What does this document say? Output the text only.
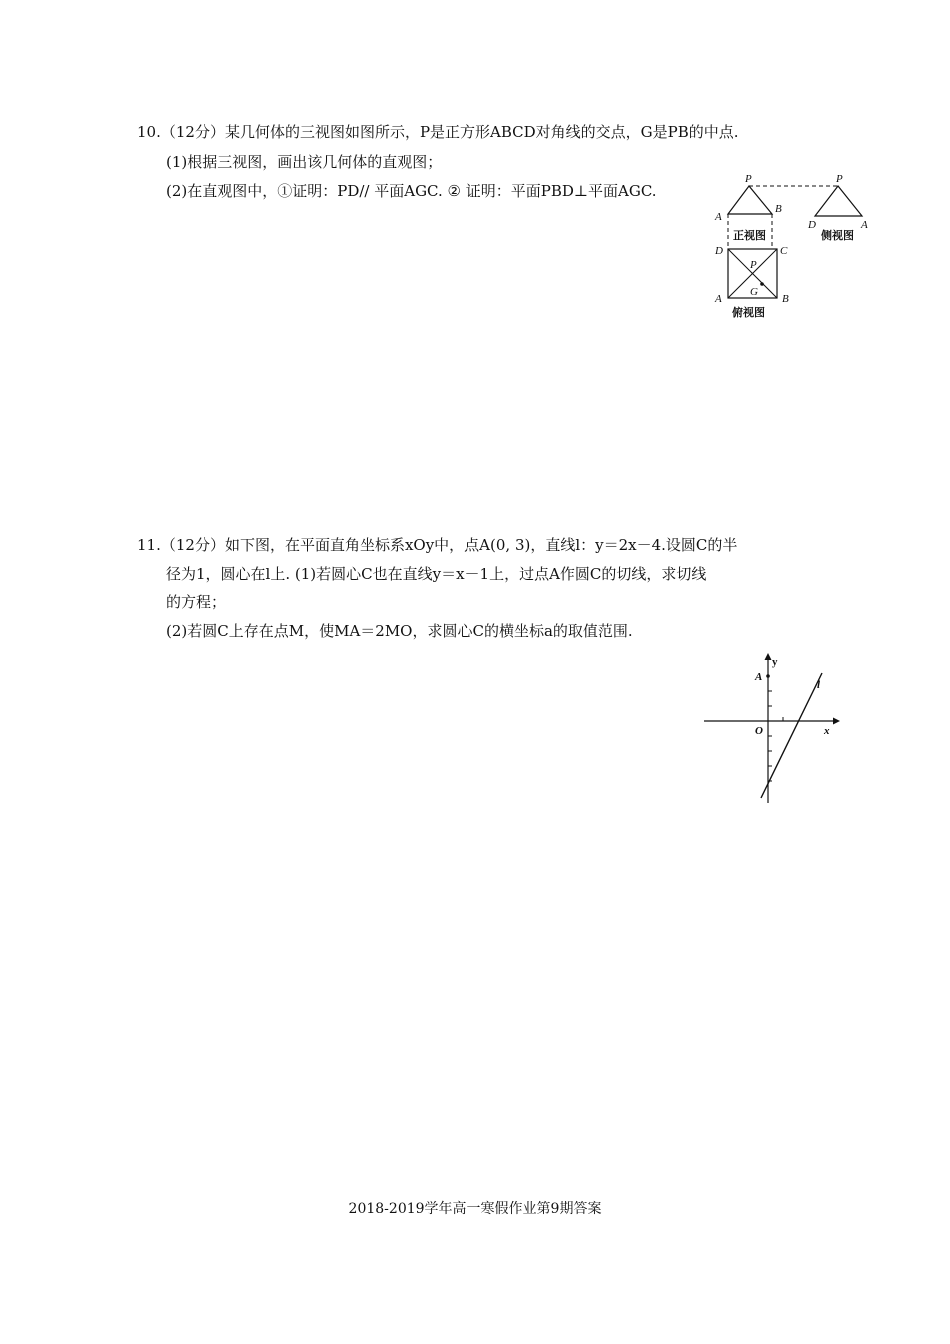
10.（12分）某几何体的三视图如图所示，P是正方形ABCD对角线的交点，G是PB的中点.
(1)根据三视图，画出该几何体的直观图；
(2)在直观图中，①证明：PD// 平面AGC. ② 证明：平面PBD⊥平面AGC.
P	P
A
B
D	A
正视图	侧视图
D	C
P
G
A	B
俯视图
11.（12分）如下图，在平面直角坐标系xOy中，点A(0, 3)，直线l：y＝2x－4.设圆C的半
径为1，圆心在l上. (1)若圆心C也在直线y＝x－1上，过点A作圆C的切线，求切线
的方程；
(2)若圆C上存在点M，使MA＝2MO，求圆心C的横坐标a的取值范围.
y
A
l
O	x
2018-2019学年高一寒假作业第9期答案
